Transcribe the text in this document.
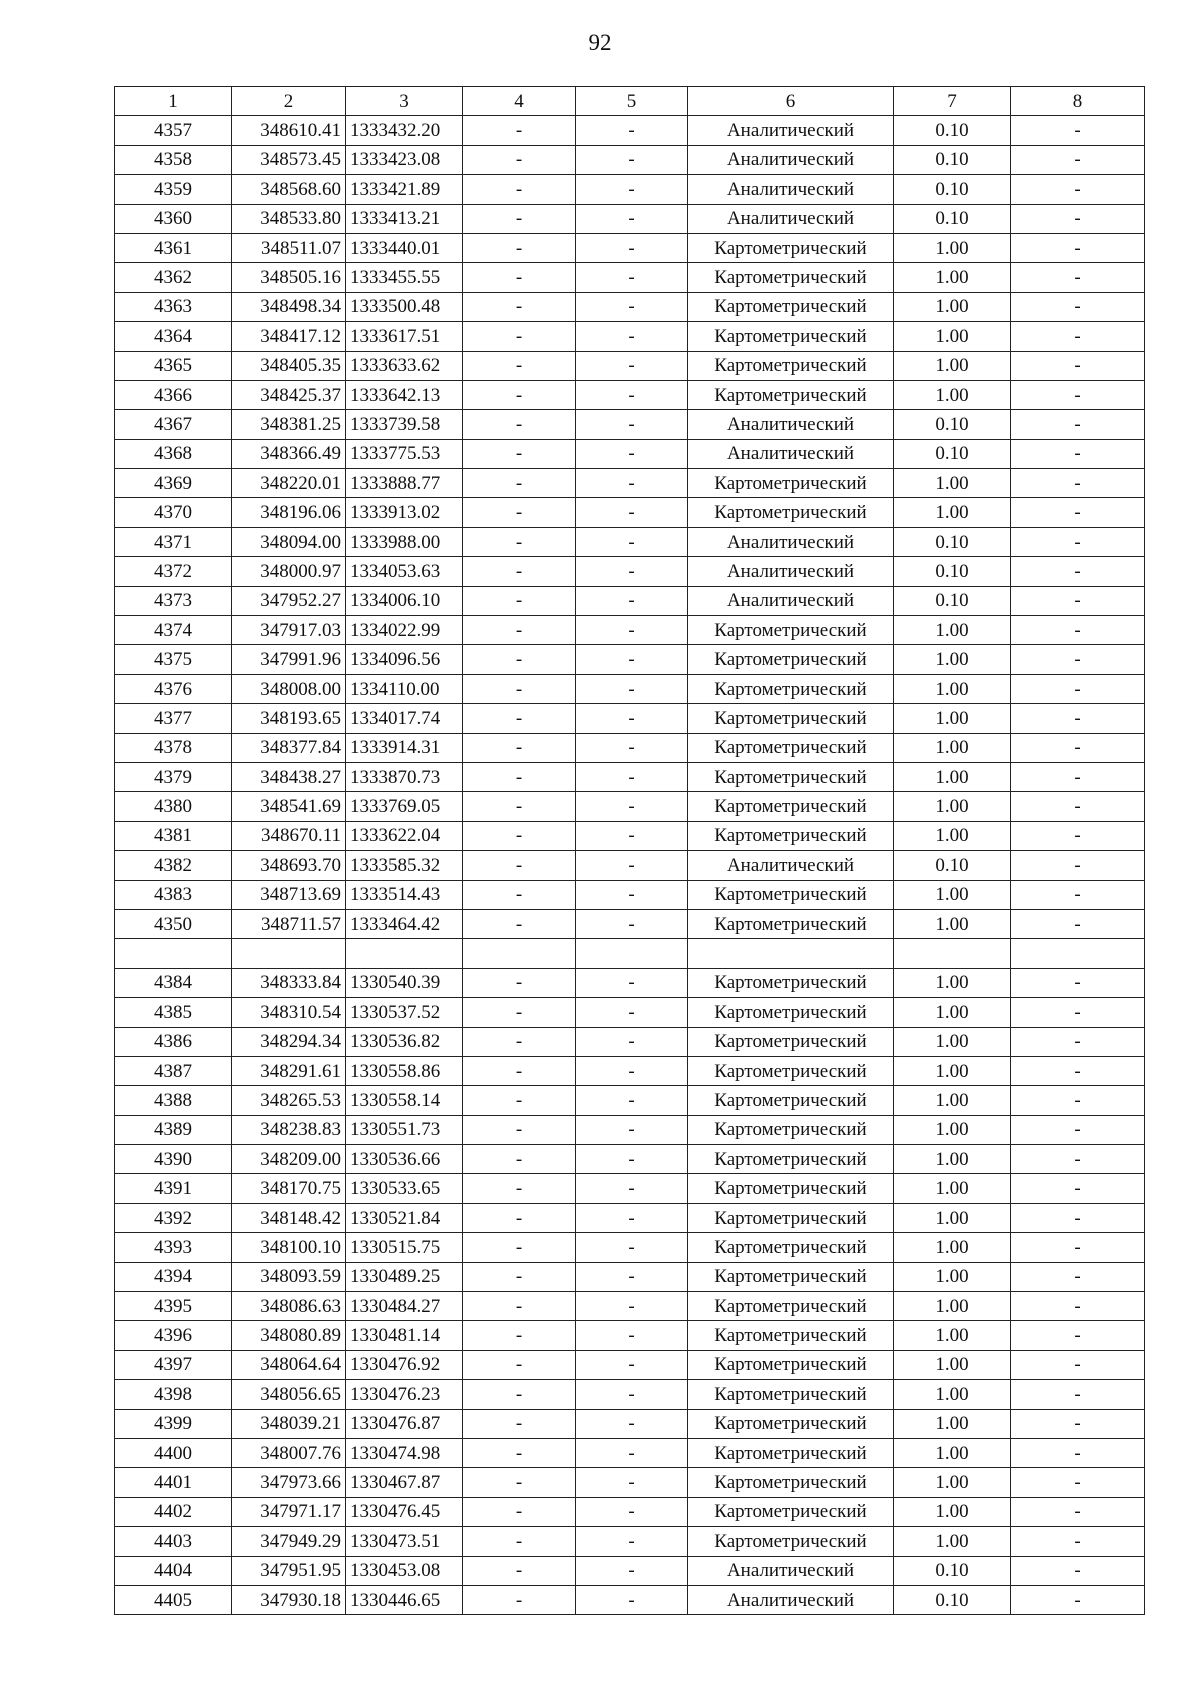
92
1	2	3	4	5	6	7	8
4357	348610.41	1333432.20	-	-	Аналитический	0.10	-
4358	348573.45	1333423.08	-	-	Аналитический	0.10	-
4359	348568.60	1333421.89	-	-	Аналитический	0.10	-
4360	348533.80	1333413.21	-	-	Аналитический	0.10	-
4361	348511.07	1333440.01	-	-	Картометрический	1.00	-
4362	348505.16	1333455.55	-	-	Картометрический	1.00	-
4363	348498.34	1333500.48	-	-	Картометрический	1.00	-
4364	348417.12	1333617.51	-	-	Картометрический	1.00	-
4365	348405.35	1333633.62	-	-	Картометрический	1.00	-
4366	348425.37	1333642.13	-	-	Картометрический	1.00	-
4367	348381.25	1333739.58	-	-	Аналитический	0.10	-
4368	348366.49	1333775.53	-	-	Аналитический	0.10	-
4369	348220.01	1333888.77	-	-	Картометрический	1.00	-
4370	348196.06	1333913.02	-	-	Картометрический	1.00	-
4371	348094.00	1333988.00	-	-	Аналитический	0.10	-
4372	348000.97	1334053.63	-	-	Аналитический	0.10	-
4373	347952.27	1334006.10	-	-	Аналитический	0.10	-
4374	347917.03	1334022.99	-	-	Картометрический	1.00	-
4375	347991.96	1334096.56	-	-	Картометрический	1.00	-
4376	348008.00	1334110.00	-	-	Картометрический	1.00	-
4377	348193.65	1334017.74	-	-	Картометрический	1.00	-
4378	348377.84	1333914.31	-	-	Картометрический	1.00	-
4379	348438.27	1333870.73	-	-	Картометрический	1.00	-
4380	348541.69	1333769.05	-	-	Картометрический	1.00	-
4381	348670.11	1333622.04	-	-	Картометрический	1.00	-
4382	348693.70	1333585.32	-	-	Аналитический	0.10	-
4383	348713.69	1333514.43	-	-	Картометрический	1.00	-
4350	348711.57	1333464.42	-	-	Картометрический	1.00	-

4384	348333.84	1330540.39	-	-	Картометрический	1.00	-
4385	348310.54	1330537.52	-	-	Картометрический	1.00	-
4386	348294.34	1330536.82	-	-	Картометрический	1.00	-
4387	348291.61	1330558.86	-	-	Картометрический	1.00	-
4388	348265.53	1330558.14	-	-	Картометрический	1.00	-
4389	348238.83	1330551.73	-	-	Картометрический	1.00	-
4390	348209.00	1330536.66	-	-	Картометрический	1.00	-
4391	348170.75	1330533.65	-	-	Картометрический	1.00	-
4392	348148.42	1330521.84	-	-	Картометрический	1.00	-
4393	348100.10	1330515.75	-	-	Картометрический	1.00	-
4394	348093.59	1330489.25	-	-	Картометрический	1.00	-
4395	348086.63	1330484.27	-	-	Картометрический	1.00	-
4396	348080.89	1330481.14	-	-	Картометрический	1.00	-
4397	348064.64	1330476.92	-	-	Картометрический	1.00	-
4398	348056.65	1330476.23	-	-	Картометрический	1.00	-
4399	348039.21	1330476.87	-	-	Картометрический	1.00	-
4400	348007.76	1330474.98	-	-	Картометрический	1.00	-
4401	347973.66	1330467.87	-	-	Картометрический	1.00	-
4402	347971.17	1330476.45	-	-	Картометрический	1.00	-
4403	347949.29	1330473.51	-	-	Картометрический	1.00	-
4404	347951.95	1330453.08	-	-	Аналитический	0.10	-
4405	347930.18	1330446.65	-	-	Аналитический	0.10	-
